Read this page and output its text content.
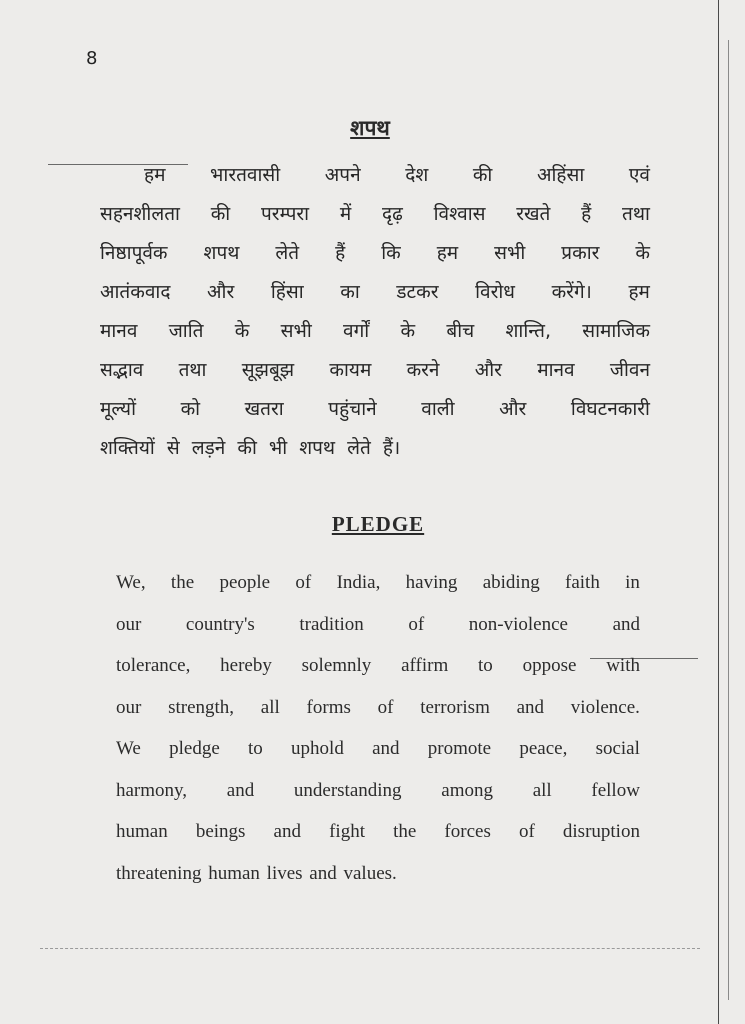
8
शपथ
हम भारतवासी अपने देश की अहिंसा एवं
सहनशीलता की परम्परा में दृढ़ विश्वास रखते हैं तथा
निष्ठापूर्वक शपथ लेते हैं कि हम सभी प्रकार के
आतंकवाद और हिंसा का डटकर विरोध करेंगे। हम
मानव जाति के सभी वर्गों के बीच शान्ति, सामाजिक
सद्भाव तथा सूझबूझ कायम करने और मानव जीवन
मूल्यों को खतरा पहुंचाने वाली और विघटनकारी
शक्तियों से लड़ने की भी शपथ लेते हैं।
PLEDGE
We, the people of India, having abiding faith in
our country's tradition of non-violence and
tolerance, hereby solemnly affirm to oppose with
our strength, all forms of terrorism and violence.
We pledge to uphold and promote peace, social
harmony, and understanding among all fellow
human beings and fight the forces of disruption
threatening human lives and values.
